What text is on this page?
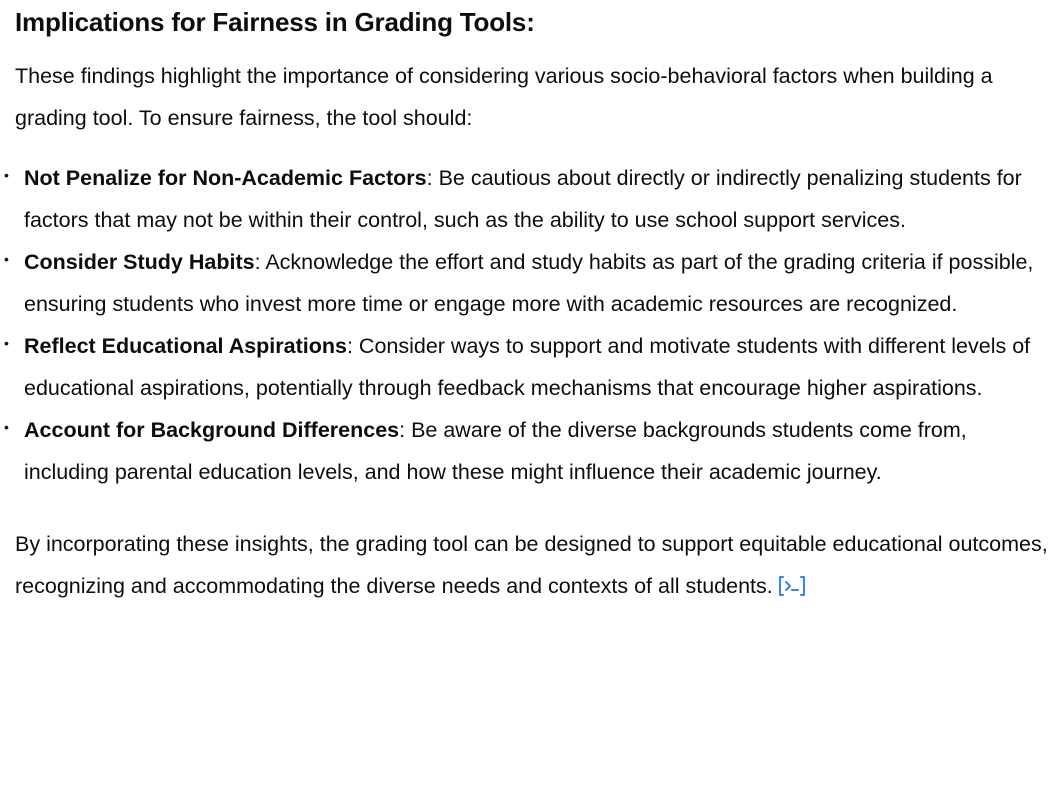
Implications for Fairness in Grading Tools:

These findings highlight the importance of considering various socio-behavioral factors when building a grading tool. To ensure fairness, the tool should:

• Not Penalize for Non-Academic Factors: Be cautious about directly or indirectly penalizing students for factors that may not be within their control, such as the ability to use school support services.
• Consider Study Habits: Acknowledge the effort and study habits as part of the grading criteria if possible, ensuring students who invest more time or engage more with academic resources are recognized.
• Reflect Educational Aspirations: Consider ways to support and motivate students with different levels of educational aspirations, potentially through feedback mechanisms that encourage higher aspirations.
• Account for Background Differences: Be aware of the diverse backgrounds students come from, including parental education levels, and how these might influence their academic journey.

By incorporating these insights, the grading tool can be designed to support equitable educational outcomes, recognizing and accommodating the diverse needs and contexts of all students.
